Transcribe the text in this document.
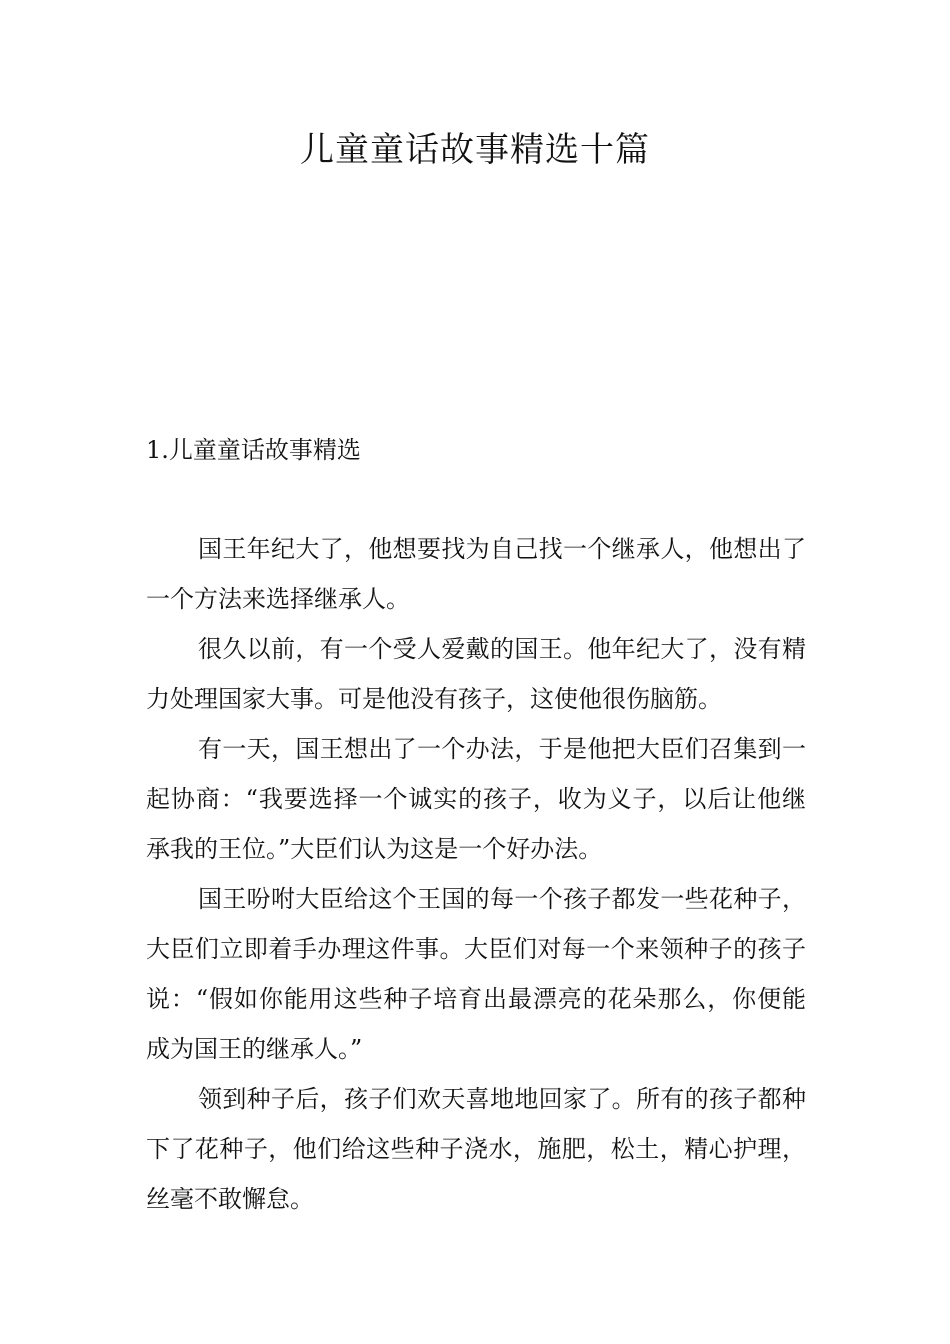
儿童童话故事精选十篇
1.儿童童话故事精选

国王年纪大了，他想要找为自己找一个继承人，他想出了一个方法来选择继承人。

很久以前，有一个受人爱戴的国王。他年纪大了，没有精力处理国家大事。可是他没有孩子，这使他很伤脑筋。

有一天，国王想出了一个办法，于是他把大臣们召集到一起协商：“我要选择一个诚实的孩子，收为义子，以后让他继承我的王位。”大臣们认为这是一个好办法。

国王吩咐大臣给这个王国的每一个孩子都发一些花种子，大臣们立即着手办理这件事。大臣们对每一个来领种子的孩子说：“假如你能用这些种子培育出最漂亮的花朵那么，你便能成为国王的继承人。”

领到种子后，孩子们欢天喜地地回家了。所有的孩子都种下了花种子，他们给这些种子浇水，施肥，松土，精心护理，丝毫不敢懈怠。
